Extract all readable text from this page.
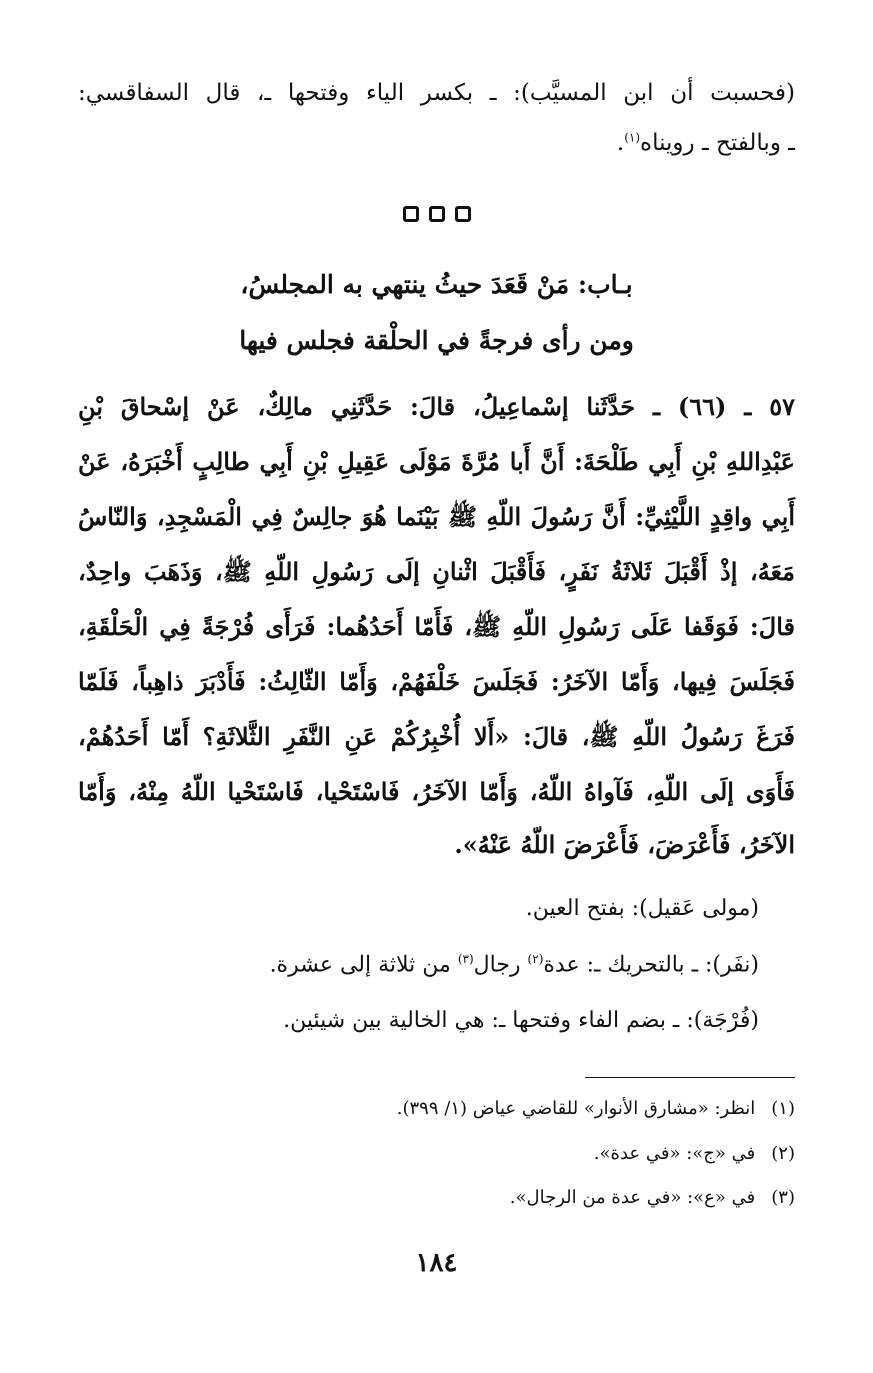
(فحسبت أن ابن المسيَّب): ـ بكسر الياء وفتحها ـ، قال السفاقسي:
ـ وبالفتح ـ رويناه$^{(١)}$.
بـاب: مَنْ قَعَدَ حيثُ ينتهي به المجلسُ،
ومن رأى فرجةً في الحلْقة فجلس فيها
٥٧ ـ (٦٦) ـ حَدَّثَنا إسْماعِيلُ، قالَ: حَدَّثَنِي مالِكٌ، عَنْ إسْحاقَ بْنِ
عَبْدِاللهِ بْنِ أَبِي طَلْحَةَ: أَنَّ أَبا مُرَّةَ مَوْلَى عَقِيلِ بْنِ أَبِي طالِبٍ أَخْبَرَهُ، عَنْ
أَبِي واقِدٍ اللَّيْثِيِّ: أَنَّ رَسُولَ اللّهِ ﷺ بَيْنَما هُوَ جالِسٌ فِي الْمَسْجِدِ، وَالنّاسُ
مَعَهُ، إذْ أَقْبَلَ ثَلاثَةُ نَفَرٍ، فَأَقْبَلَ اثْنانِ إلَى رَسُولِ اللّهِ ﷺ، وَذَهَبَ واحِدٌ،
قالَ: فَوَقَفا عَلَى رَسُولِ اللّهِ ﷺ، فَأَمّا أَحَدُهُما: فَرَأَى فُرْجَةً فِي الْحَلْقَةِ،
فَجَلَسَ فِيها، وَأَمّا الآخَرُ: فَجَلَسَ خَلْفَهُمْ، وَأَمّا الثّالِثُ: فَأَدْبَرَ ذاهِباً، فَلَمّا
فَرَغَ رَسُولُ اللّهِ ﷺ، قالَ: «أَلا أُخْبِرُكُمْ عَنِ النَّفَرِ الثَّلاثَةِ؟ أَمّا أَحَدُهُمْ،
فَأَوَى إلَى اللّهِ، فَآواهُ اللّهُ، وَأَمّا الآخَرُ، فَاسْتَحْيا، فَاسْتَحْيا اللّهُ مِنْهُ، وَأَمّا
الآخَرُ، فَأَعْرَضَ، فَأَعْرَضَ اللّهُ عَنْهُ».
(مولى عَقيل): بفتح العين.
(نفَر): ـ بالتحريك ـ: عدة$^{(٢)}$ رجال$^{(٣)}$ من ثلاثة إلى عشرة.
(فُرْجَة): ـ بضم الفاء وفتحها ـ: هي الخالية بين شيئين.
(١)انظر: «مشارق الأنوار» للقاضي عياض (١/ ٣٩٩).
(٢)في «ج»: «في عدة».
(٣)في «ع»: «في عدة من الرجال».
١٨٤
